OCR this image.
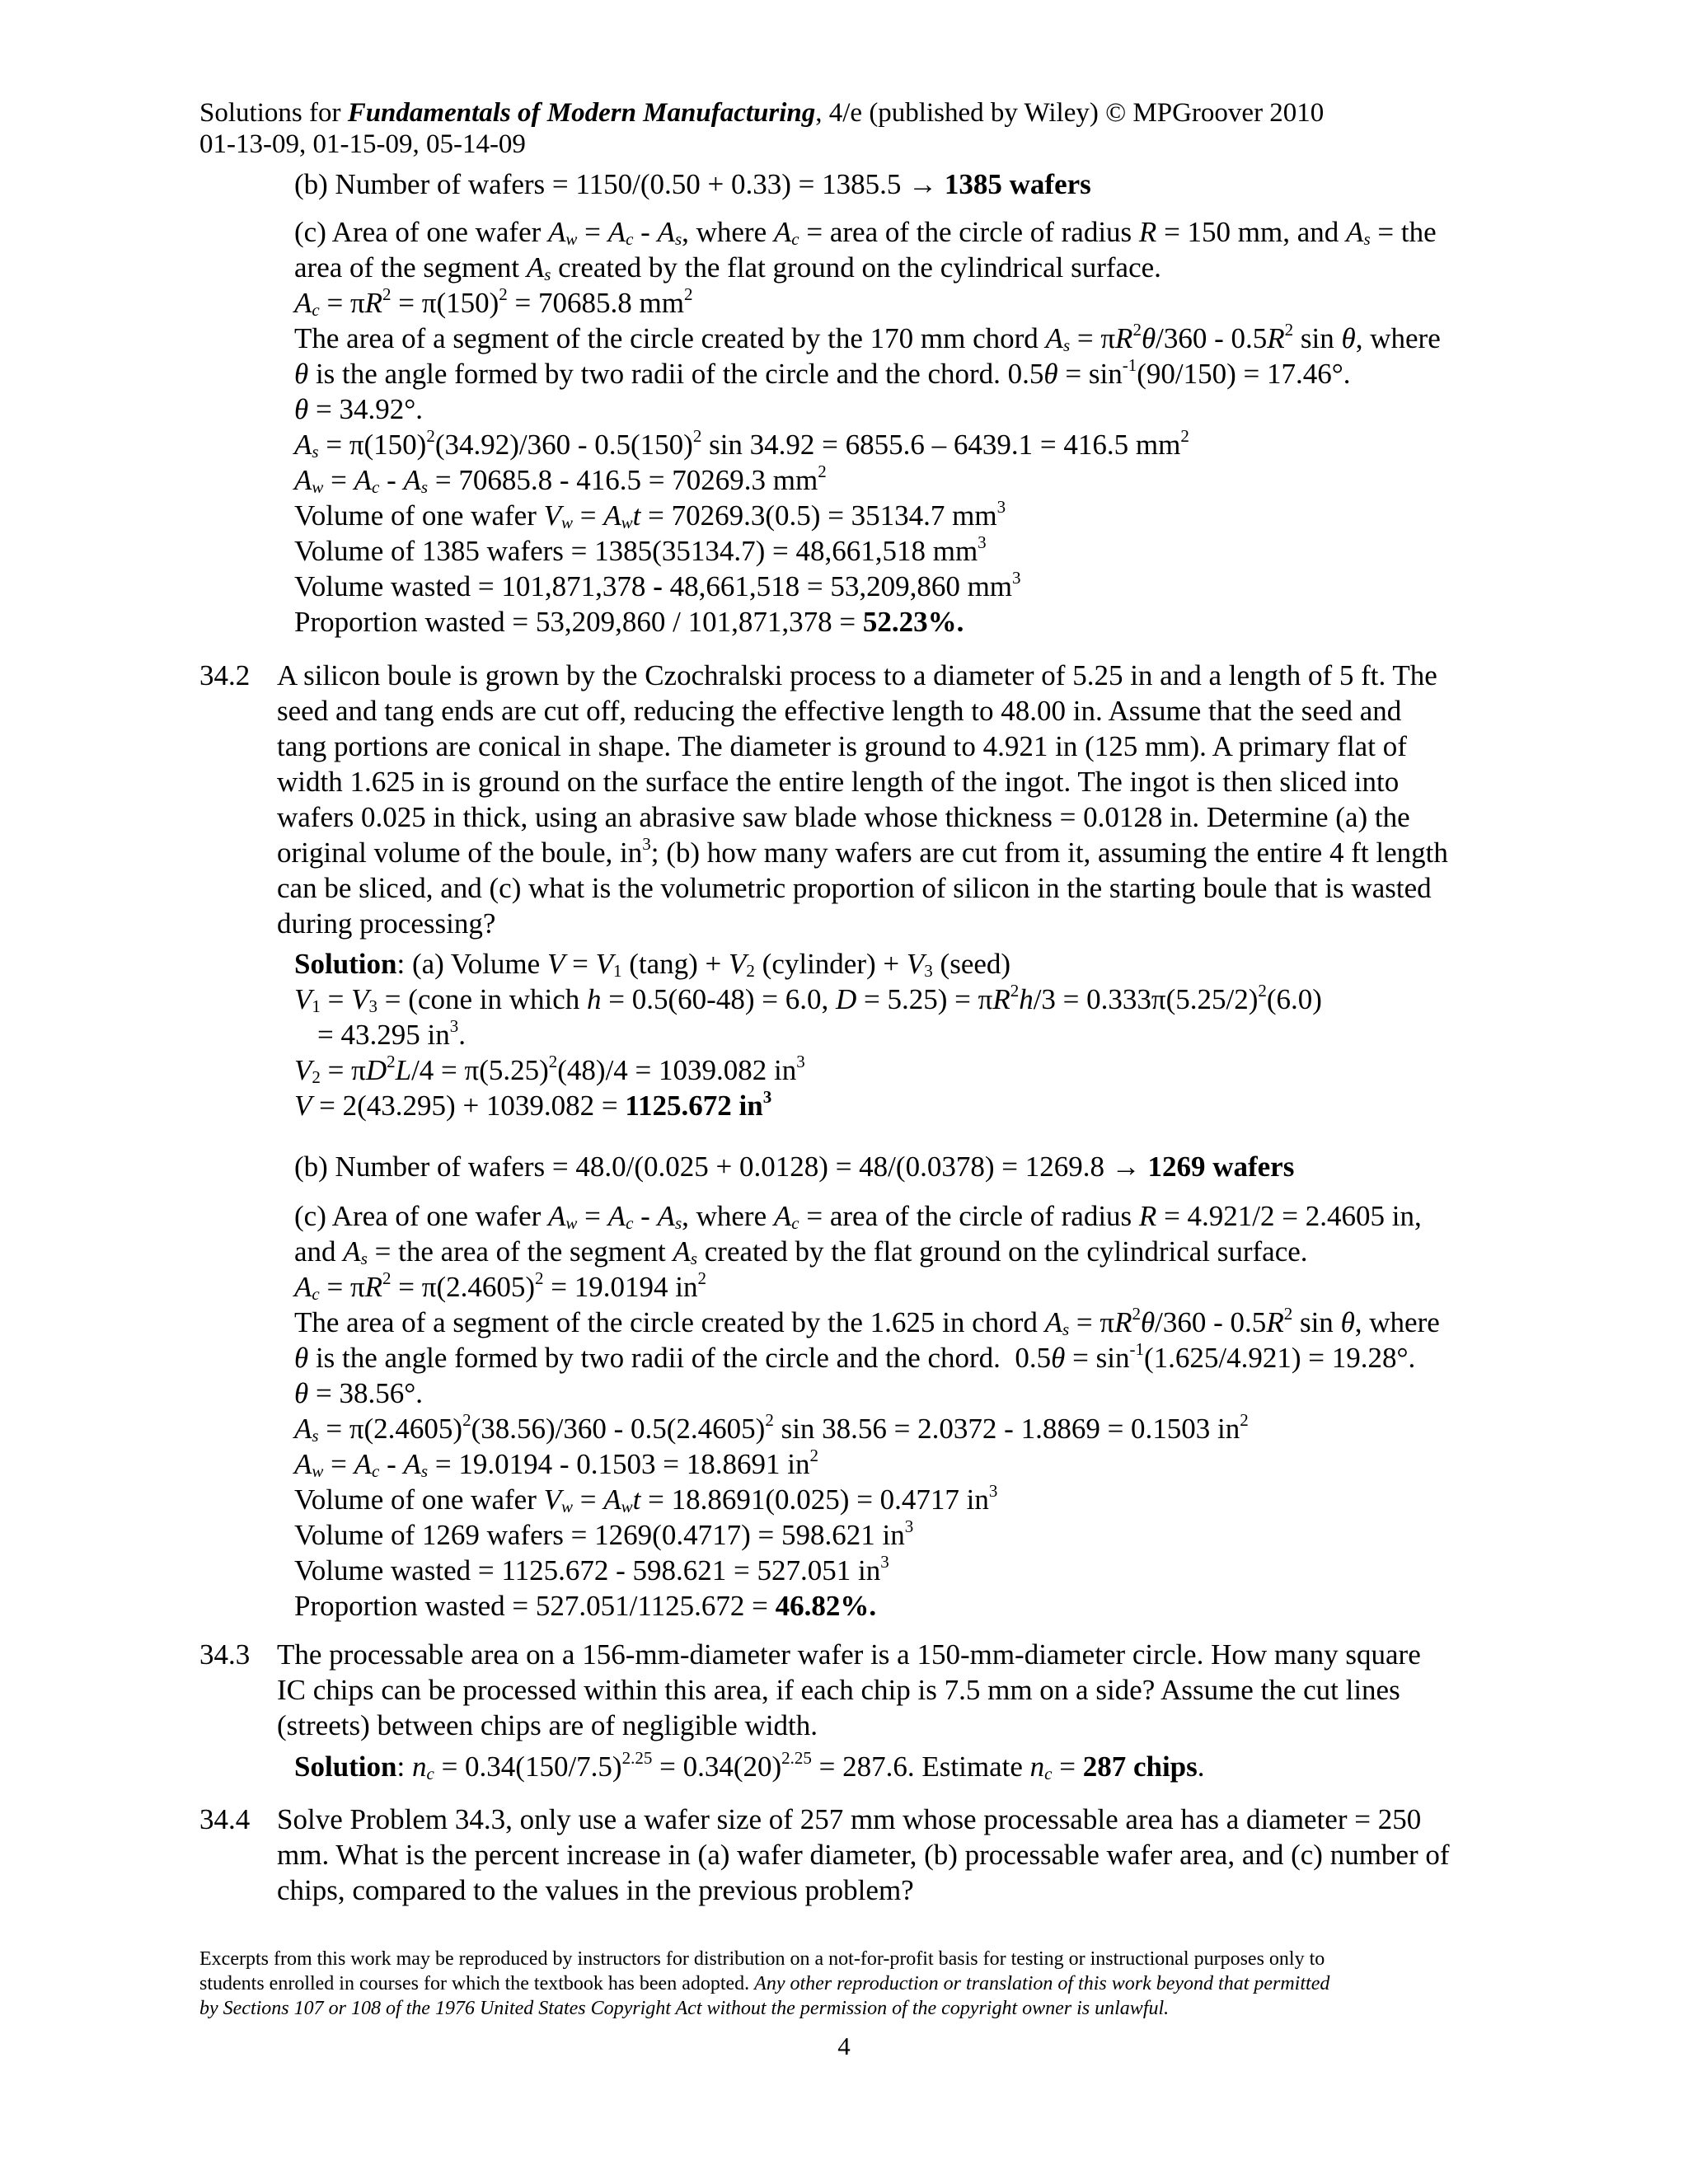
Solutions for Fundamentals of Modern Manufacturing, 4/e (published by Wiley) © MPGroover 2010
01-13-09, 01-15-09, 05-14-09
(b) Number of wafers = 1150/(0.50 + 0.33) = 1385.5 → 1385 wafers
(c) Area of one wafer $A_w = A_c - A_s$, where $A_c$ = area of the circle of radius R = 150 mm, and $A_s$ = the
area of the segment $A_s$ created by the flat ground on the cylindrical surface.
$A_c = \pi R^2 = \pi(150)^2 = 70685.8$ $mm^2$
The area of a segment of the circle created by the 170 mm chord $A_s = \pi R^2\theta/360 - 0.5R^2$ sin θ, where
θ is the angle formed by two radii of the circle and the chord. $0.5\theta = \sin^{-1}(90/150) = 17.46^\circ$.
θ = 34.92°.
$A_s = \pi(150)^2(34.92)/360 - 0.5(150)^2$ sin 34.92 = 6855.6 – 6439.1 = 416.5 $mm^2$
$A_w = A_c - A_s = 70685.8 - 416.5 = 70269.3$ $mm^2$
Volume of one wafer $V_w = A_wt = 70269.3(0.5) = 35134.7$ $mm^3$
Volume of 1385 wafers = 1385(35134.7) = 48,661,518 $mm^3$
Volume wasted = 101,871,378 - 48,661,518 = 53,209,860 $mm^3$
Proportion wasted = 53,209,860 / 101,871,378 = 52.23%.
34.2 A silicon boule is grown by the Czochralski process to a diameter of 5.25 in and a length of 5 ft. The
seed and tang ends are cut off, reducing the effective length to 48.00 in. Assume that the seed and
tang portions are conical in shape. The diameter is ground to 4.921 in (125 mm). A primary flat of
width 1.625 in is ground on the surface the entire length of the ingot. The ingot is then sliced into
wafers 0.025 in thick, using an abrasive saw blade whose thickness = 0.0128 in. Determine (a) the
original volume of the boule, $in^3$; (b) how many wafers are cut from it, assuming the entire 4 ft length
can be sliced, and (c) what is the volumetric proportion of silicon in the starting boule that is wasted
during processing?
Solution: (a) Volume $V = V_1$ $(\tan g) + V_2$ (cylinder) + $V_3$ (seed)
$V_1 = V_3$ = (cone in which h = 0.5(60-48) = 6.0, $D = 5.25) = \pi R^2h/3 = 0.333\pi(5.25/2)^2(6.0)$
= 43.295 $in^3$.
$V_2 = \pi D^2L/4 = \pi(5.25)^2(48)/4 = 1039.082$ $in^3$
V = 2(43.295) + 1039.082 = 1125.672 $in^3$
(b) Number of wafers = 48.0/(0.025 + 0.0128) = 48/(0.0378) = 1269.8 → 1269 wafers
(c) Area of one wafer $A_w = A_c - A_s$, where $A_c$ = area of the circle of radius R = 4.921/2 = 2.4605 in,
and $A_s$ = the area of the segment $A_s$ created by the flat ground on the cylindrical surface.
$A_c = \pi R^2 = \pi(2.4605)^2 = 19.0194$ $in^2$
The area of a segment of the circle created by the 1.625 in chord $A_s = \pi R^2\theta/360 - 0.5R^2$ sin θ, where
θ is the angle formed by two radii of the circle and the chord.  $0.5\theta = \sin^{-1}(1.625/4.921) = 19.28^\circ$.
θ = 38.56°.
$A_s = \pi(2.4605)^2(38.56)/360 - 0.5(2.4605)^2$ sin 38.56 = 2.0372 - 1.8869 = 0.1503 $in^2$
$A_w = A_c - A_s = 19.0194 - 0.1503 = 18.8691$ $in^2$
Volume of one wafer $V_w = A_wt = 18.8691(0.025) = 0.4717$ $in^3$
Volume of 1269 wafers = 1269(0.4717) = 598.621 $in^3$
Volume wasted = 1125.672 - 598.621 = 527.051 $in^3$
Proportion wasted = 527.051/1125.672 = 46.82%.
34.3 The processable area on a 156-mm-diameter wafer is a 150-mm-diameter circle. How many square
IC chips can be processed within this area, if each chip is 7.5 mm on a side? Assume the cut lines
(streets) between chips are of negligible width.
Solution: $n_c = 0.34(150/7.5)^{2.25} = 0.34(20)^{2.25} = 287.6$. Estimate $n_c = 287$ chips.
34.4 Solve Problem 34.3, only use a wafer size of 257 mm whose processable area has a diameter = 250
mm. What is the percent increase in (a) wafer diameter, (b) processable wafer area, and (c) number of
chips, compared to the values in the previous problem?
Excerpts from this work may be reproduced by instructors for distribution on a not-for-profit basis for testing or instructional purposes only to
students enrolled in courses for which the textbook has been adopted. Any other reproduction or translation of this work beyond that permitted
by Sections 107 or 108 of the 1976 United States Copyright Act without the permission of the copyright owner is unlawful.
4
